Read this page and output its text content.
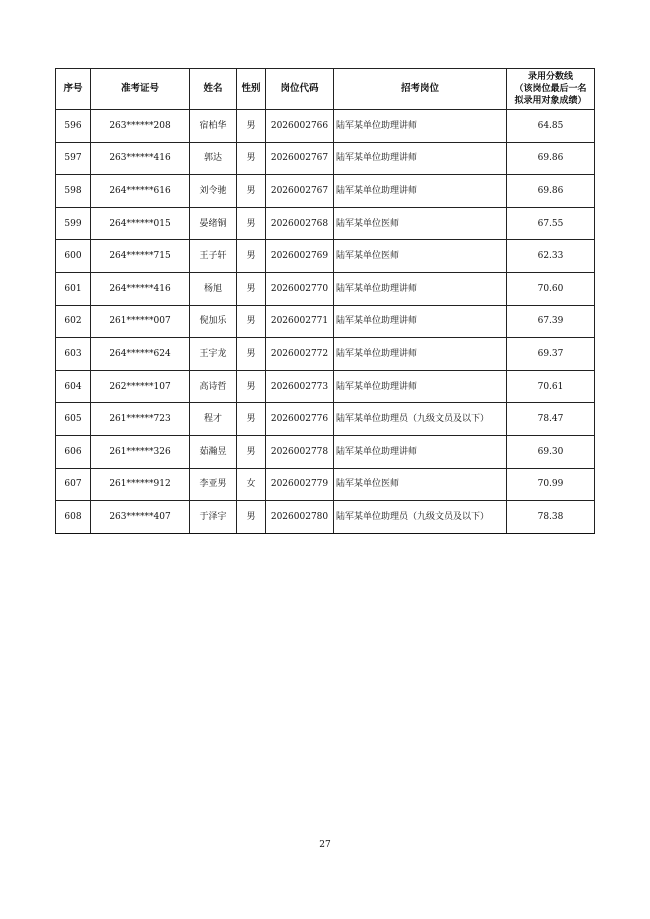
序号	准考证号	姓名	性别	岗位代码	招考岗位	录用分数线
（该岗位最后一名
拟录用对象成绩）

596	263******208	宿柏华	男	2026002766	陆军某单位助理讲师	64.85
597	263******416	郭达	男	2026002767	陆军某单位助理讲师	69.86
598	264******616	刘令驰	男	2026002767	陆军某单位助理讲师	69.86
599	264******015	晏绪铜	男	2026002768	陆军某单位医师	67.55
600	264******715	王子轩	男	2026002769	陆军某单位医师	62.33
601	264******416	杨旭	男	2026002770	陆军某单位助理讲师	70.60
602	261******007	倪加乐	男	2026002771	陆军某单位助理讲师	67.39
603	264******624	王宇龙	男	2026002772	陆军某单位助理讲师	69.37
604	262******107	高诗哲	男	2026002773	陆军某单位助理讲师	70.61
605	261******723	程才	男	2026002776	陆军某单位助理员（九级文员及以下）	78.47
606	261******326	茹瀚昱	男	2026002778	陆军某单位助理讲师	69.30
607	261******912	李亚男	女	2026002779	陆军某单位医师	70.99
608	263******407	于泽宇	男	2026002780	陆军某单位助理员（九级文员及以下）	78.38
27
